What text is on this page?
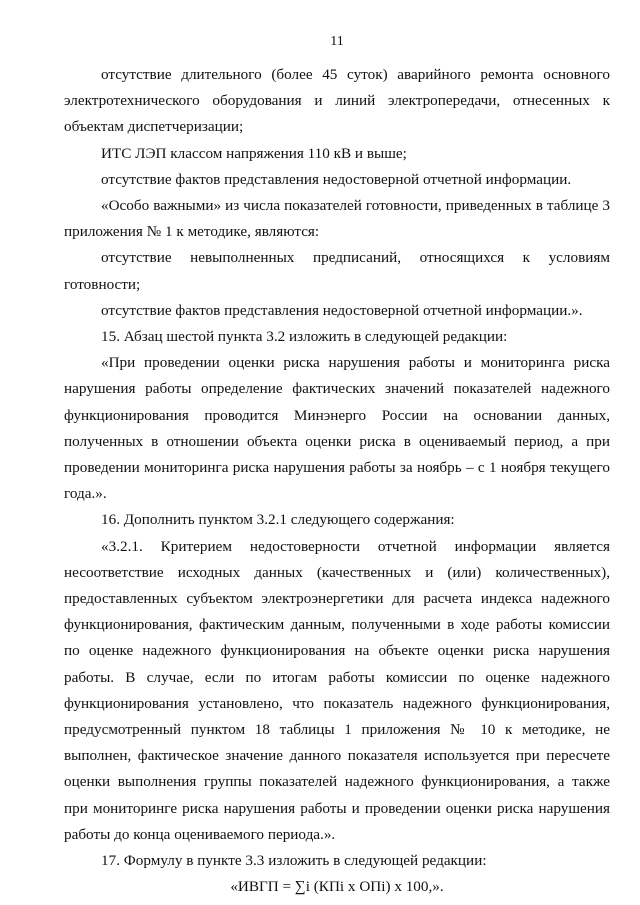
11

отсутствие длительного (более 45 суток) аварийного ремонта основного электротехнического оборудования и линий электропередачи, отнесенных к объектам диспетчеризации;

ИТС ЛЭП классом напряжения 110 кВ и выше;

отсутствие фактов представления недостоверной отчетной информации.

«Особо важными» из числа показателей готовности, приведенных в таблице 3 приложения № 1 к методике, являются:

отсутствие невыполненных предписаний, относящихся к условиям готовности;

отсутствие фактов представления недостоверной отчетной информации.».

15. Абзац шестой пункта 3.2 изложить в следующей редакции:

«При проведении оценки риска нарушения работы и мониторинга риска нарушения работы определение фактических значений показателей надежного функционирования проводится Минэнерго России на основании данных, полученных в отношении объекта оценки риска в оцениваемый период, а при проведении мониторинга риска нарушения работы за ноябрь – с 1 ноября текущего года.».

16. Дополнить пунктом 3.2.1 следующего содержания:

«3.2.1. Критерием недостоверности отчетной информации является несоответствие исходных данных (качественных и (или) количественных), предоставленных субъектом электроэнергетики для расчета индекса надежного функционирования, фактическим данным, полученными в ходе работы комиссии по оценке надежного функционирования на объекте оценки риска нарушения работы. В случае, если по итогам работы комиссии по оценке надежного функционирования установлено, что показатель надежного функционирования, предусмотренный пунктом 18 таблицы 1 приложения № 10 к методике, не выполнен, фактическое значение данного показателя используется при пересчете оценки выполнения группы показателей надежного функционирования, а также при мониторинге риска нарушения работы и проведении оценки риска нарушения работы до конца оцениваемого периода.».

17. Формулу в пункте 3.3 изложить в следующей редакции:

«ИВГП = ∑i (КПi х ОПi) х 100,».
